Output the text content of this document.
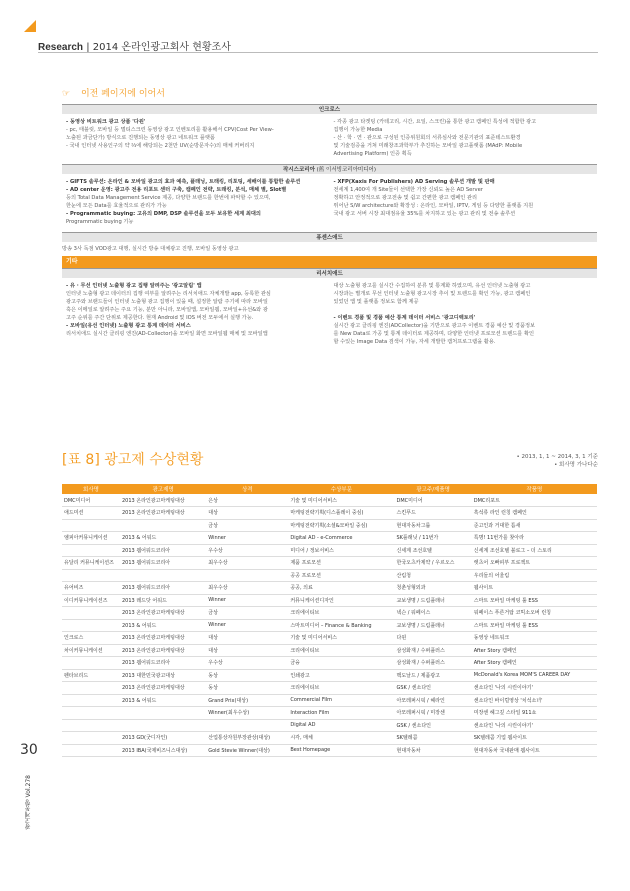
Research | 2014 온라인광고회사 현황조사
☞ 이전 페이지에 이어서
인크로스
- 동영상 비트워크 광고 상품 '다윈'
- pc, 태블릿, 모바일 등 멀티스크린 동영상 광고 인벤토리를 활용해서 CPV(Cost Per View-
노출된 과금단가) 방식으로 진행되는 동영상 광고 네트워크 플랫폼
- 국내 인터넷 사용인구의 약 ⅔에 해당되는 2천만 UV(순방문자수)의 매체 커버리지
- 각종 광고 타겟팅 (카테고리, 시간, 요일, 스크린)을 통한 광고 캠페인 특성에 적합한 광고
집행이 가능한 Media
- 산 · 학 · 연 · 관으로 구성된 인증위원회의 서류심사와 전문기관의 표준테스트환경
및 기술검증을 거쳐 미래창조과학부가 추진하는 모바일 광고플랫폼 (MAdP: Mobile
Advertising Platform) 인증 획득
작시스코리아 (舊 이서빙코리아미디어)
- GIFTS 솔루션: 온라인 & 모바일 광고의 효과 예측, 플래닝, 트래킹, 리포팅, 세배이를 통합한 솔루션
- AD center 운영: 광고주 전용 리포트 센터 구축, 캠페인 전략, 트래킹, 분석, 매체 별, Slot별
등의 Total Data Management Service 제공, 다양한 브랜드를 한번에 파악할 수 있으며,
한눈에 모든 Data를 효율적으로 관리가 가능
- Programmatic buying: 고유의 DMP, DSP 솔루션을 모두 보유한 세계 최대의
Programmatic buying 기능
- XFP(Xaxis For Publishers) AD Serving 솔루션 개발 및 판매
전세계 1,400여 개 Site들이 선택한 가장 신뢰도 높은 AD Server
정확하고 안정적으로 광고전송 및 쉽고 간편한 광고 캠페인 관리
뛰어난 S/W architecture와 확장성 : 온라인, 모바일, IPTV, 게임 등 다양한 플랫폼 지원
국내 광고 서버 시장 최대점유율 35%를 차지하고 있는 광고 관리 및 전송 솔루션
퓨센스애드
방송 3사 독점 VOD광고 대행, 실시간 방송 대체광고 진행, 모바일 동영상 광고
기타
리서치애드
- 유 · 무선 인터넷 노출형 광고 집행 알려주는 '광고알림' 앱
인터넷 노출형 광고 데이터의 집행 여부를 알려주는 리서치애드 자체개발 app, 등록한 관심
광고주와 브랜드들이 인터넷 노출형 광고 집행이 있을 때, 설정한 알람 주기에 따라 모바일
혹은 이메일로 알려주는 주요 기능, 분만 아니라, 모바일앱, 모바일웹, 모바일+유선&와 광
고주 순위를 주간 단위로 제공한다. 현재 Android 및 IOS 버전 모두에서 실행 가능.
- 모바일(유선 인터넷) 노출형 광고 통계 데이터 서비스
리서치애드 실시간 클리핑 엔진(AD-Collector)을 모바일 화면 모바일웹 매체 및 모바일앱
대상 노출형 광고를 실시간 수집하여 분류 및 통계화 하였으며, 유선 인터넷 노출형 광고
시장과는 별개로 무선 인터넷 노출형 광고시장 추이 및 트렌드를 확인 가능, 광고 캠페인
있었던 앱 및 플랫폼 정보도 함께 제공

- 이벤트 경품 및 경품 예산 통계 데이터 서비스 '광고디렉토리'
실시간 광고 클리핑 엔진(ADCollector)을 기반으로 광고주 이벤트 경품 예산 및 경품정보
를 New Data로 가공 및 통계 데이터로 제공하며, 다양한 인터넷 프로모션 트렌드를 확인
할 수있는 Image Data 검색이 가능, 자세 개발한 캡처프로그램을 활용.
[표 8] 광고제 수상현황	• 2013, 1, 1 ~ 2014, 3, 1 기준
• 회사명 가나다순
회사명	광고제명	상격	수상부문	광고주/제품명	작품명
DMC미디어	2013 온라인광고마케팅대상	은상	기술 및 미디어서비스	DMC미디어	DMC리포트
애드미션	2013 온라인광고마케팅대상	대상	마케팅전략기획(디스플레이 중심)	스킨푸드	흑석류 라인 런칭 캠페인
		금상	마케팅전략기획(소셜&모바일 중심)	현대자동차그룹	준고인과 거대한 틈새
엠피아커뮤니케이션	2013 & 어워드	Winner	Digital AD - e-Commerce	SK플래닛 / 11번가	특명! 11번가를 찾아라
	2013 웹어워드코리아	우수상	미디어 / 정보서비스	신세계 조선호텔	신세계 조선호텔 블로그 – 더 스토리
유달리 커뮤니케이션즈	2013 웹어워드코리아	최우수상	제품 프로모션	한국오츠카제약 / 우르오스	렛츠어 오빠피부 프로젝트
			공공 프로모션	산림청	우리들의 어울림
유어비즈	2013 웹어워드코리아	최우수상	공공, 의료	청춘성형외과	웹사이트
이디커뮤니케이션즈	2013 레드닷 어워드	Winner	커뮤니케이션디자인	교보생명 / 드림플래너	스마트 모바일 마케팅 툴 ESS
	2013 온라인광고마케팅대상	금상	크리에이티브	넥슨 / 워페이스	워페이스 푸른거탑 코믹소오버 런칭
	2013 & 어워드	Winner	스마트미디어 – Finance & Banking	교보생명 / 드림플래너	스마트 모바일 마케팅 툴 ESS
인크로스	2013 온라인광고마케팅대상	대상	기술 및 미디어서비스	다윈	동영상 네트워크
차이커뮤니케이션	2013 온라인광고마케팅대상	대상	크리에이티브	삼성화재 / 수퍼플러스	After Story 캠페인
	2013 웹어워드코리아	우수상	금융	삼성화재 / 수퍼플러스	After Story 캠페인
펜타브리드	2013 대한민국광고대상	동상	인쇄광고	맥도날드 / 제품광고	McDonald's Korea MOM'S CAREER DAY
	2013 온라인광고마케팅대상	동상	크리에이티브	GSK / 센소다인	센소다인 '나의 시린이야기'
	2013 & 어워드	Grand Prix(대상)	Commercial Film	아모레퍼시픽 / 헤라인	센소다인 바이럴영상 '치석소녀'
		Winner(최우수상)	Interaction Film	아모레퍼시픽 / 미장센	미장센 헤그깊 스타일 911쇼
			Digital AD	GSK / 센소다인	센소다인 '나의 시린이야기'
	2013 GD(굿디자인)	산업통상자원부장관상(대상)	시각, 매체	SK텔레콤	SK텔레콤 기업 웹사이트
	2013 IBA(국제비즈니스대상)	Gold Stevie Winner(대상)	Best Homepage	현대자동차	현대자동차 국내판매 웹사이트
30
광고계동향 Vol.278
